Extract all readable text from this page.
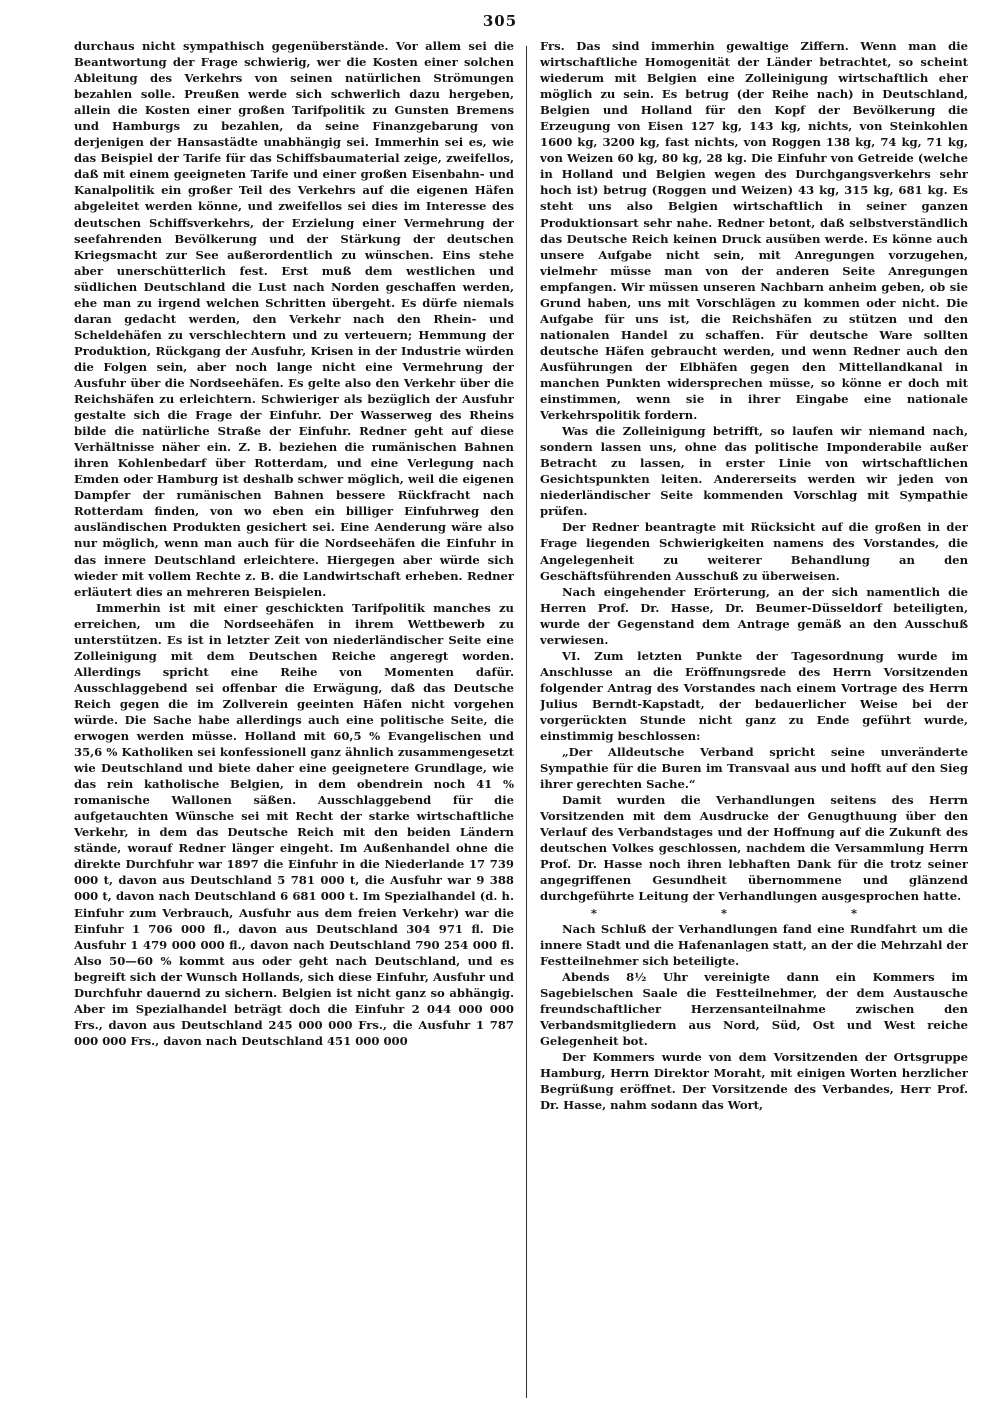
305

durchaus nicht sympathisch gegenüberstände. Vor allem sei die Beantwortung der Frage schwierig, wer die Kosten einer solchen Ableitung des Verkehrs von seinen natürlichen Strömungen bezahlen solle. Preußen werde sich schwerlich dazu hergeben, allein die Kosten einer großen Tarifpolitik zu Gunsten Bremens und Hamburgs zu bezahlen, da seine Finanzgebarung von derjenigen der Hansastädte unabhängig sei. Immerhin sei es, wie das Beispiel der Tarife für das Schiffsbaumaterial zeige, zweifellos, daß mit einem geeigneten Tarife und einer großen Eisenbahn- und Kanalpolitik ein großer Teil des Verkehrs auf die eigenen Häfen abgeleitet werden könne, und zweifellos sei dies im Interesse des deutschen Schiffsverkehrs, der Erzielung einer Vermehrung der seefahrenden Bevölkerung und der Stärkung der deutschen Kriegsmacht zur See außerordentlich zu wünschen. Eins stehe aber unerschütterlich fest. Erst muß dem westlichen und südlichen Deutschland die Lust nach Norden geschaffen werden, ehe man zu irgend welchen Schritten übergeht. Es dürfe niemals daran gedacht werden, den Verkehr nach den Rhein- und Scheldehäfen zu verschlechtern und zu verteuern; Hemmung der Produktion, Rückgang der Ausfuhr, Krisen in der Industrie würden die Folgen sein, aber noch lange nicht eine Vermehrung der Ausfuhr über die Nordseehäfen. Es gelte also den Verkehr über die Reichshäfen zu erleichtern. Schwieriger als bezüglich der Ausfuhr gestalte sich die Frage der Einfuhr. Der Wasserweg des Rheins bilde die natürliche Straße der Einfuhr. Redner geht auf diese Verhältnisse näher ein. Z. B. beziehen die rumänischen Bahnen ihren Kohlenbedarf über Rotterdam, und eine Verlegung nach Emden oder Hamburg ist deshalb schwer möglich, weil die eigenen Dampfer der rumänischen Bahnen bessere Rückfracht nach Rotterdam finden, von wo eben ein billiger Einfuhrweg den ausländischen Produkten gesichert sei. Eine Aenderung wäre also nur möglich, wenn man auch für die Nordseehäfen die Einfuhr in das innere Deutschland erleichtere. Hiergegen aber würde sich wieder mit vollem Rechte z. B. die Landwirtschaft erheben. Redner erläutert dies an mehreren Beispielen.

Immerhin ist mit einer geschickten Tarifpolitik manches zu erreichen, um die Nordseehäfen in ihrem Wettbewerb zu unterstützen. Es ist in letzter Zeit von niederländischer Seite eine Zolleinigung mit dem Deutschen Reiche angeregt worden. Allerdings spricht eine Reihe von Momenten dafür. Ausschlaggebend sei offenbar die Erwägung, daß das Deutsche Reich gegen die im Zollverein geeinten Häfen nicht vorgehen würde. Die Sache habe allerdings auch eine politische Seite, die erwogen werden müsse. Holland mit 60,5 % Evangelischen und 35,6 % Katholiken sei konfessionell ganz ähnlich zusammengesetzt wie Deutschland und biete daher eine geeignetere Grundlage, wie das rein katholische Belgien, in dem obendrein noch 41 % romanische Wallonen säßen. Ausschlaggebend für die aufgetauchten Wünsche sei mit Recht der starke wirtschaftliche Verkehr, in dem das Deutsche Reich mit den beiden Ländern stände, worauf Redner länger eingeht. Im Außenhandel ohne die direkte Durchfuhr war 1897 die Einfuhr in die Niederlande 17 739 000 t, davon aus Deutschland 5 781 000 t, die Ausfuhr war 9 388 000 t, davon nach Deutschland 6 681 000 t. Im Spezialhandel (d. h. Einfuhr zum Verbrauch, Ausfuhr aus dem freien Verkehr) war die Einfuhr 1 706 000 fl., davon aus Deutschland 304 971 fl. Die Ausfuhr 1 479 000 000 fl., davon nach Deutschland 790 254 000 fl. Also 50—60 % kommt aus oder geht nach Deutschland, und es begreift sich der Wunsch Hollands, sich diese Einfuhr, Ausfuhr und Durchfuhr dauernd zu sichern. Belgien ist nicht ganz so abhängig. Aber im Spezialhandel beträgt doch die Einfuhr 2 044 000 000 Frs., davon aus Deutschland 245 000 000 Frs., die Ausfuhr 1 787 000 000 Frs., davon nach Deutschland 451 000 000

Frs. Das sind immerhin gewaltige Ziffern. Wenn man die wirtschaftliche Homogenität der Länder betrachtet, so scheint wiederum mit Belgien eine Zolleinigung wirtschaftlich eher möglich zu sein. Es betrug (der Reihe nach) in Deutschland, Belgien und Holland für den Kopf der Bevölkerung die Erzeugung von Eisen 127 kg, 143 kg, nichts, von Steinkohlen 1600 kg, 3200 kg, fast nichts, von Roggen 138 kg, 74 kg, 71 kg, von Weizen 60 kg, 80 kg, 28 kg. Die Einfuhr von Getreide (welche in Holland und Belgien wegen des Durchgangsverkehrs sehr hoch ist) betrug (Roggen und Weizen) 43 kg, 315 kg, 681 kg. Es steht uns also Belgien wirtschaftlich in seiner ganzen Produktionsart sehr nahe. Redner betont, daß selbstverständlich das Deutsche Reich keinen Druck ausüben werde. Es könne auch unsere Aufgabe nicht sein, mit Anregungen vorzugehen, vielmehr müsse man von der anderen Seite Anregungen empfangen. Wir müssen unseren Nachbarn anheim geben, ob sie Grund haben, uns mit Vorschlägen zu kommen oder nicht. Die Aufgabe für uns ist, die Reichshäfen zu stützen und den nationalen Handel zu schaffen. Für deutsche Ware sollten deutsche Häfen gebraucht werden, und wenn Redner auch den Ausführungen der Elbhäfen gegen den Mittellandkanal in manchen Punkten widersprechen müsse, so könne er doch mit einstimmen, wenn sie in ihrer Eingabe eine nationale Verkehrspolitik fordern.

Was die Zolleinigung betrifft, so laufen wir niemand nach, sondern lassen uns, ohne das politische Imponderabile außer Betracht zu lassen, in erster Linie von wirtschaftlichen Gesichtspunkten leiten. Andererseits werden wir jeden von niederländischer Seite kommenden Vorschlag mit Sympathie prüfen.

Der Redner beantragte mit Rücksicht auf die großen in der Frage liegenden Schwierigkeiten namens des Vorstandes, die Angelegenheit zu weiterer Behandlung an den Geschäftsführenden Ausschuß zu überweisen.

Nach eingehender Erörterung, an der sich namentlich die Herren Prof. Dr. Hasse, Dr. Beumer-Düsseldorf beteiligten, wurde der Gegenstand dem Antrage gemäß an den Ausschuß verwiesen.

VI. Zum letzten Punkte der Tagesordnung wurde im Anschlusse an die Eröffnungsrede des Herrn Vorsitzenden folgender Antrag des Vorstandes nach einem Vortrage des Herrn Julius Berndt-Kapstadt, der bedauerlicher Weise bei der vorgerückten Stunde nicht ganz zu Ende geführt wurde, einstimmig beschlossen:

„Der Alldeutsche Verband spricht seine unveränderte Sympathie für die Buren im Transvaal aus und hofft auf den Sieg ihrer gerechten Sache.“

Damit wurden die Verhandlungen seitens des Herrn Vorsitzenden mit dem Ausdrucke der Genugthuung über den Verlauf des Verbandstages und der Hoffnung auf die Zukunft des deutschen Volkes geschlossen, nachdem die Versammlung Herrn Prof. Dr. Hasse noch ihren lebhaften Dank für die trotz seiner angegriffenen Gesundheit übernommene und glänzend durchgeführte Leitung der Verhandlungen ausgesprochen hatte.

* * *

Nach Schluß der Verhandlungen fand eine Rundfahrt um die innere Stadt und die Hafenanlagen statt, an der die Mehrzahl der Festteilnehmer sich beteiligte.

Abends 8½ Uhr vereinigte dann ein Kommers im Sagebielschen Saale die Festteilnehmer, der dem Austausche freundschaftlicher Herzensanteilnahme zwischen den Verbandsmitgliedern aus Nord, Süd, Ost und West reiche Gelegenheit bot.

Der Kommers wurde von dem Vorsitzenden der Ortsgruppe Hamburg, Herrn Direktor Moraht, mit einigen Worten herzlicher Begrüßung eröffnet. Der Vorsitzende des Verbandes, Herr Prof. Dr. Hasse, nahm sodann das Wort,
